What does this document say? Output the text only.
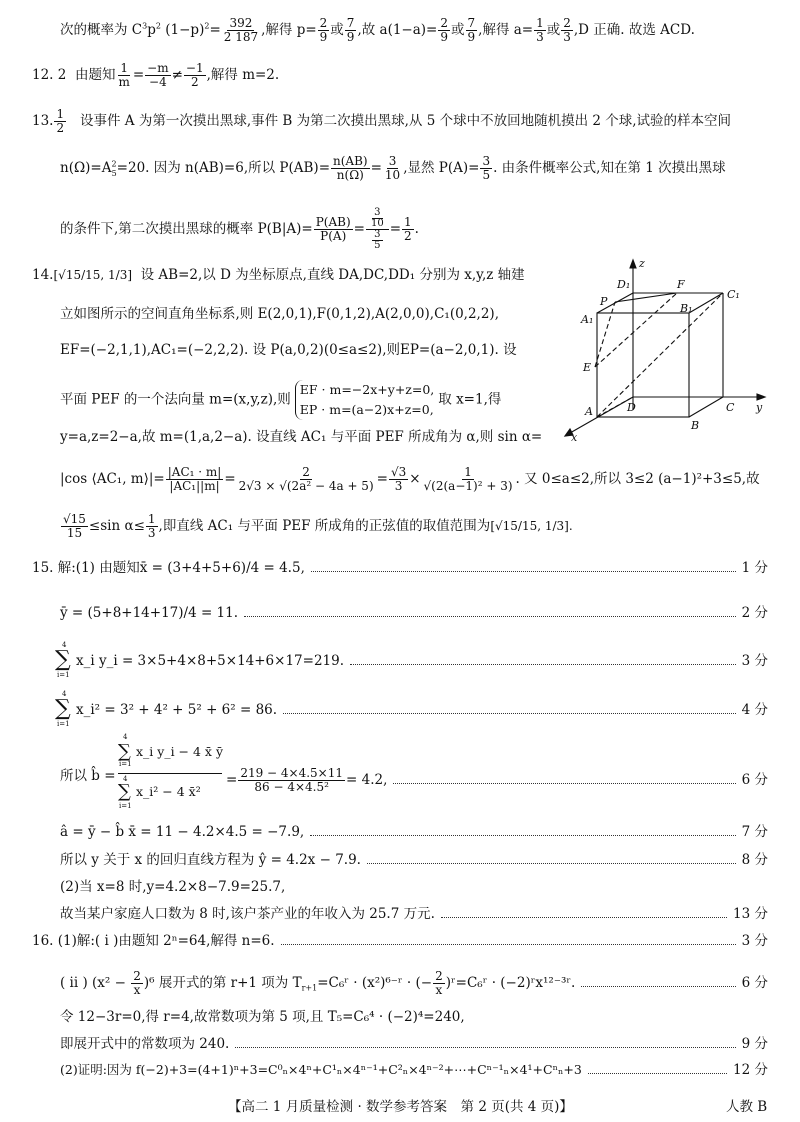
次的概率为 $C^3p^2$ $(1-p)^2= \frac{392}{2 187}$ ,解得 $p= \frac{2}{9}$ 或 $\frac{7}{9}$ ,故 $a(1-a)= \frac{2}{9}$ 或 $\frac{7}{9}$ ,解得 $a= \frac{1}{3}$ 或 $\frac{2}{3} ,D$ 正确. 故选 ACD.
12. 2 由题知 $\frac{1}{m} = \frac{-m}{-4} \ne \frac{-1}{2}$ ,解得 m=2.
13. $\frac{1}{2}$ 设事件 A 为第一次摸出黑球,事件 B 为第二次摸出黑球,从 5 个球中不放回地随机摸出 2 个球,试验的样本空间
$n(\Omega)=A^2_5=20$. 因为 n(AB)=6,所以 $P(AB)= \frac{n(AB)}{n(\Omega)} = \frac{3}{10}$ ,显然 $P(A)= \frac{3}{5}$ . 由条件概率公式,知在第 1 次摸出黑球
的条件下,第二次摸出黑球的概率 $P(B|A)= \frac{P(AB)}{P(A)} = \frac{\frac{3}{10}}{\frac{3}{5}} = \frac{1}{2}$ .
14.[√15/15, 1/3] 设 AB=2,以 D 为坐标原点,直线 DA,DC,DD₁ 分别为 x,y,z 轴建
立如图所示的空间直角坐标系,则 E(2,0,1),F(0,1,2),A(2,0,0),C₁(0,2,2),
EF=(−2,1,1),AC₁=(−2,2,2). 设 P(a,0,2)(0≤a≤2),则EP=(a−2,0,1). 设
平面 PEF 的一个法向量 m=(x,y,z),则
EF · m=−2x+y+z=0,
EP · m=(a−2)x+z=0,
取 x=1,得
y=a,z=2−a,故 m=(1,a,2−a). 设直线 AC₁ 与平面 PEF 所成角为 α,则 sin α=
|cos ⟨AC₁, m⟩|= $\frac{\text{|AC₁ · m|}}{\text{|AC₁||m|}} = \frac{2}{\text{2√3 × √(2a² − 4a + 5)}} = \frac{√3}{3} \times \frac{1}{\text{√(2(a−1)² + 3)}}$ . 又 0≤a≤2,所以 3≤2 (a−1)²+3≤5,故
$\frac{√15}{15} \le\sin$ $\alpha\le \frac{1}{3}$ ,即直线 AC₁ 与平面 PEF 所成角的正弦值的取值范围为[√15/15, 1/3].
z
D₁	F
C₁
P
B₁
A₁
E
D	C y
A
B
x
15. 解:(1) 由题知x̄ = (3+4+5+6)/4 = 4.5,	1 分
ȳ = (5+8+14+17)/4 = 11.	2 分
∑
4
i=1
x_i y_i = 3×5+4×8+5×14+6×17=219.	3 分
∑
4
i=1
x_i² = 3² + 4² + 5² + 6² = 86.	4 分
所以 b̂ =
∑
4
i=1
x_i y_i − 4 x̄ ȳ
∑
4
i=1
x_i² − 4 x̄²
= $\frac{219 - 4\times 4.5\times 11}{\text{86 − 4×4.5²}} = 4.2$,	6 分
â = ȳ − b̂ x̄ = 11 − 4.2×4.5 = −7.9,	7 分
所以 y 关于 x 的回归直线方程为 ŷ = 4.2x − 7.9.	8 分
(2)当 x=8 时,y=4.2×8−7.9=25.7,
故当某户家庭人口数为 8 时,该户茶产业的年收入为 25.7 万元.	13 分
16. (1)解:( i )由题知 2ⁿ=64,解得 n=6.	3 分
( ii ) $(x^2 - \frac{2}{x} )^6$ 展开式的第 r+1 项为 $T_{r+1}=C_6ʳ$ · (x²)⁶⁻ʳ · (− $\frac{2}{x}$ )ʳ=C₆ʳ · (−2)ʳx¹²⁻³ʳ.	6 分
令 12−3r=0,得 r=4,故常数项为第 5 项,且 T₅=C₆⁴ · (−2)⁴=240,
即展开式中的常数项为 240.	9 分
(2)证明:因为 f(−2)+3=(4+1)ⁿ+3=C⁰ₙ×4ⁿ+C¹ₙ×4ⁿ⁻¹+C²ₙ×4ⁿ⁻²+⋯+Cⁿ⁻¹ₙ×4¹+Cⁿₙ+3	12 分
【高二 1 月质量检测 · 数学参考答案　第 2 页(共 4 页)】	人教 B
